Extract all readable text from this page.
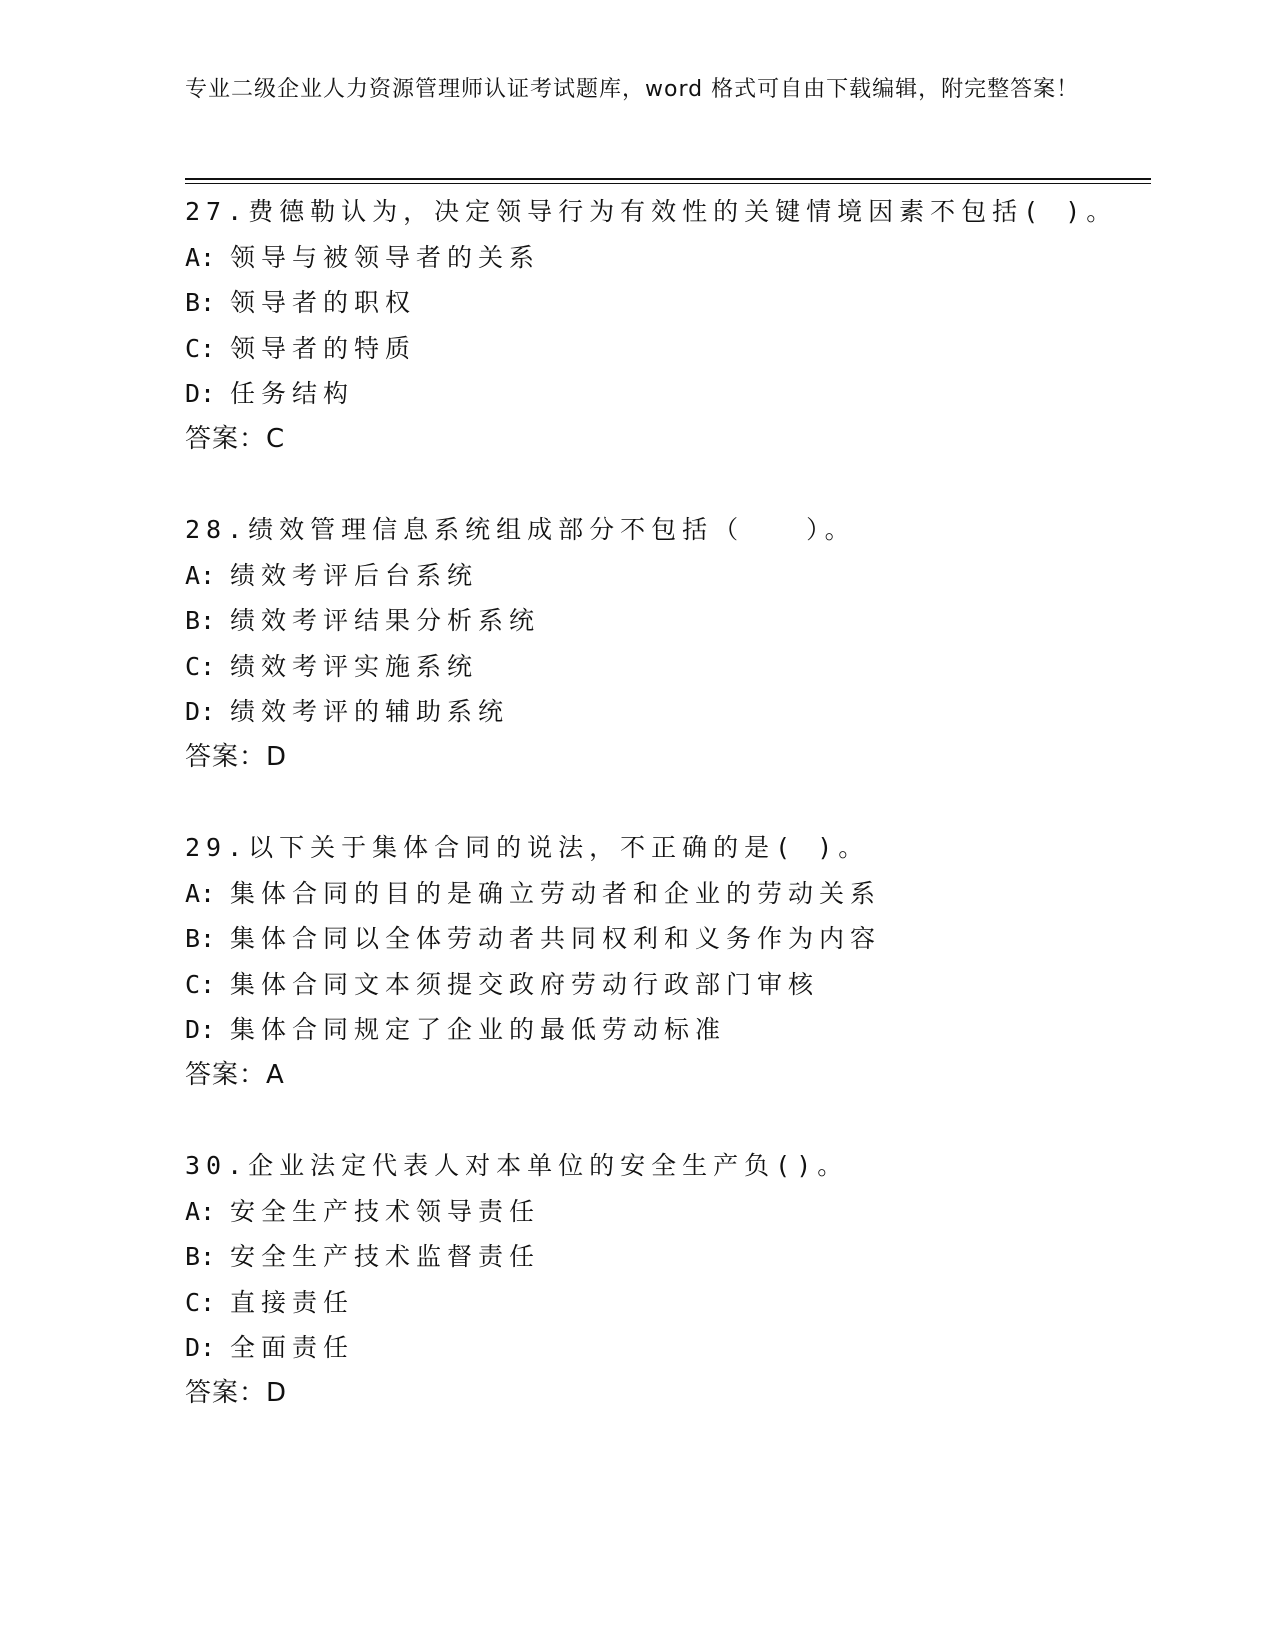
专业二级企业人力资源管理师认证考试题库，word 格式可自由下载编辑，附完整答案！
27.费德勒认为，决定领导行为有效性的关键情境因素不包括( )。
A: 领导与被领导者的关系
B: 领导者的职权
C: 领导者的特质
D: 任务结构
答案：C
28.绩效管理信息系统组成部分不包括（　　）。
A: 绩效考评后台系统
B: 绩效考评结果分析系统
C: 绩效考评实施系统
D: 绩效考评的辅助系统
答案：D
29.以下关于集体合同的说法，不正确的是( )。
A: 集体合同的目的是确立劳动者和企业的劳动关系
B: 集体合同以全体劳动者共同权利和义务作为内容
C: 集体合同文本须提交政府劳动行政部门审核
D: 集体合同规定了企业的最低劳动标准
答案：A
30.企业法定代表人对本单位的安全生产负()。
A: 安全生产技术领导责任
B: 安全生产技术监督责任
C: 直接责任
D: 全面责任
答案：D
